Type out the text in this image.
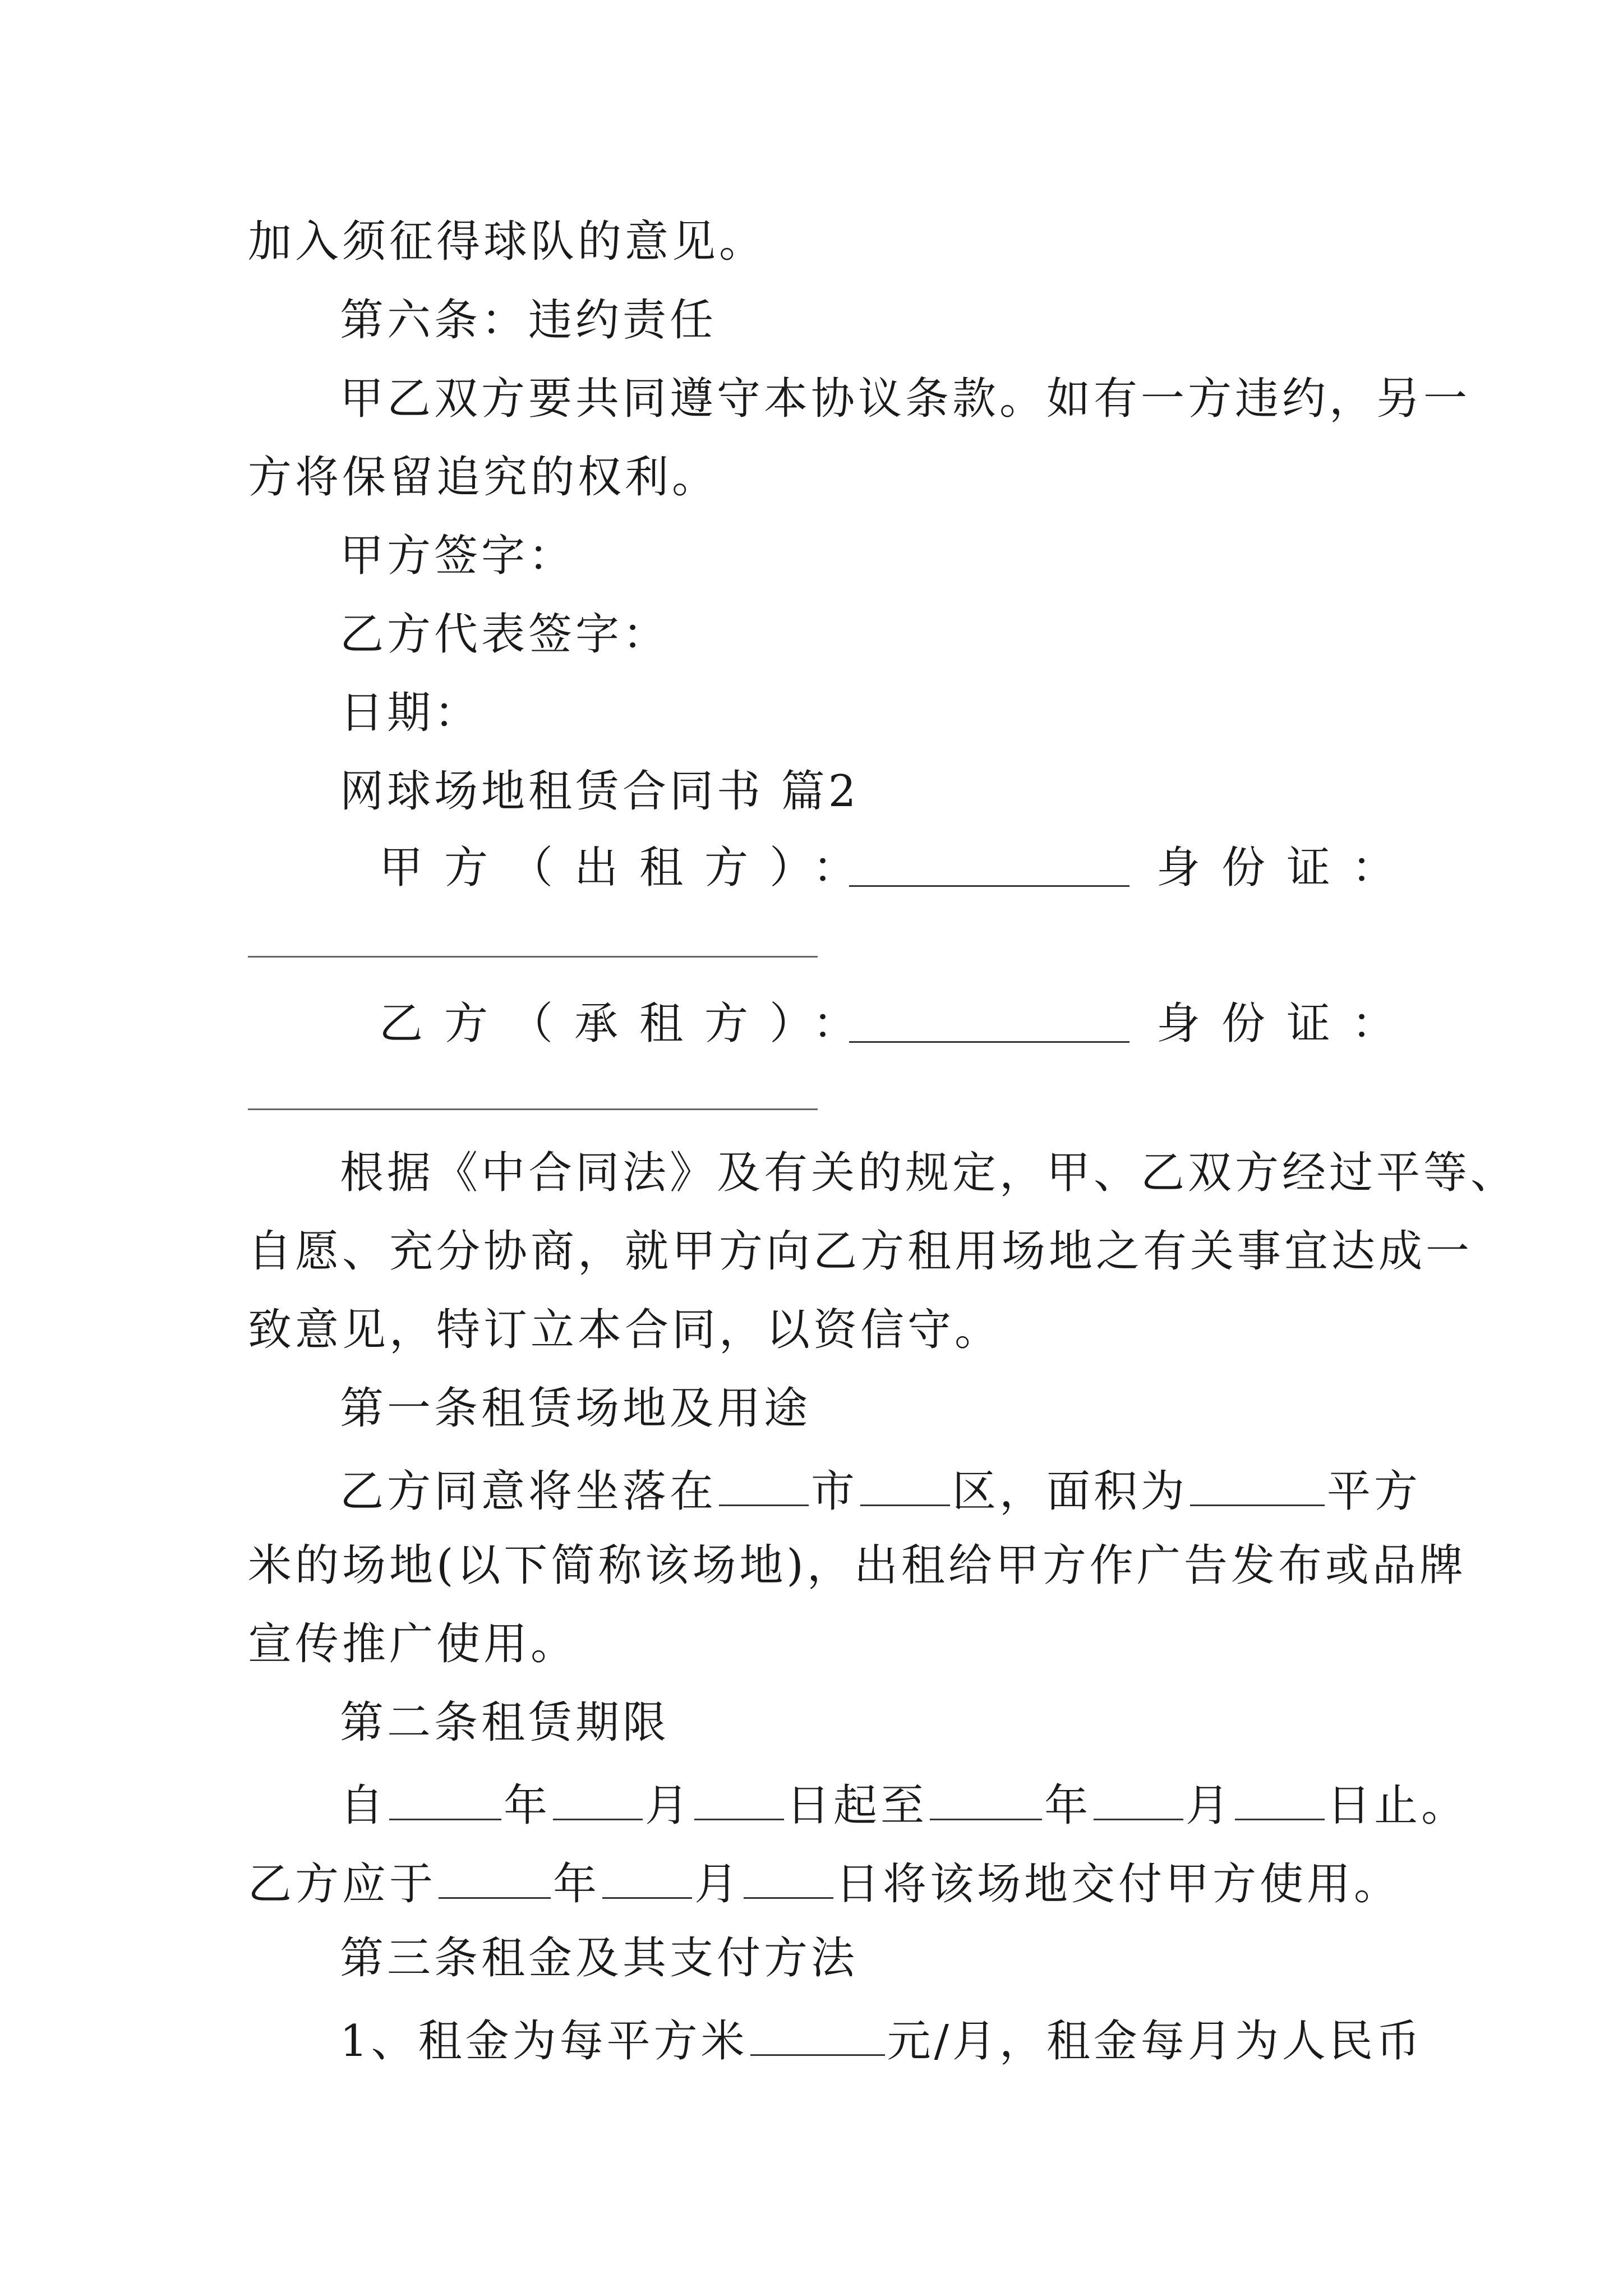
加入须征得球队的意见。
第六条：违约责任
甲乙双方要共同遵守本协议条款。如有一方违约，另一
方将保留追究的权利。
甲方签字：
乙方代表签字：
日期：
网球场地租赁合同书 篇2
甲方（出租方）：	身份证：
乙方（承租方）：	身份证：
根据《中合同法》及有关的规定，甲、乙双方经过平等、
自愿、充分协商，就甲方向乙方租用场地之有关事宜达成一
致意见，特订立本合同，以资信守。
第一条租赁场地及用途
乙方同意将坐落在 市 区，面积为	平方
米的场地(以下简称该场地)，出租给甲方作广告发布或品牌
宣传推广使用。
第二条租赁期限
自	年 月 日起至	年 月 日止。
乙方应于	年 月 日将该场地交付甲方使用。
第三条租金及其支付方法
1、租金为每平方米	元/月，租金每月为人民币
